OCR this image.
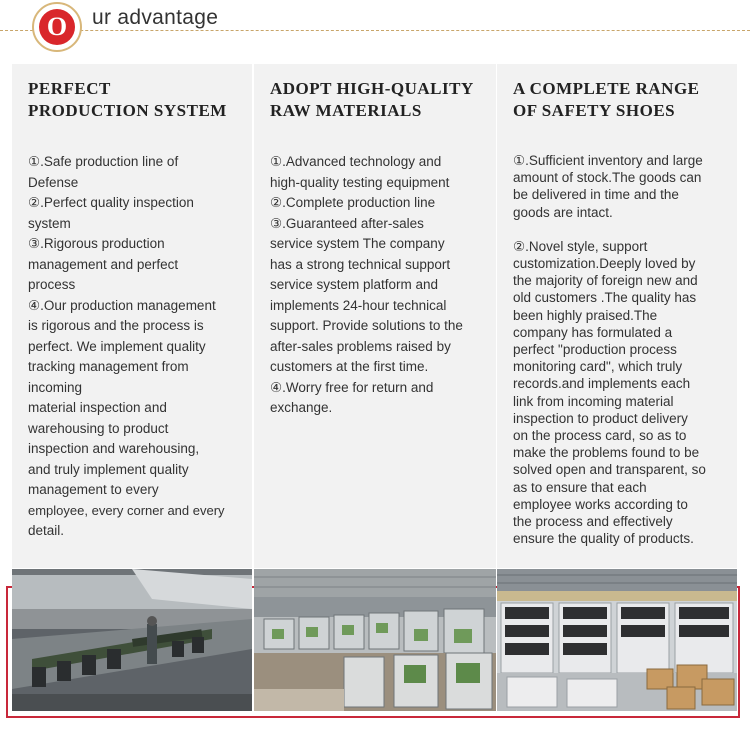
O	ur advantage
PERFECT
PRODUCTION SYSTEM

①.Safe production line of

Defense

②.Perfect quality inspection

system

③.Rigorous production

management and perfect

process

④.Our production management

is rigorous and the process is

perfect. We implement quality

tracking management from

incoming

material inspection and

warehousing to product

inspection and warehousing,

and truly implement quality

management to every

employee, every corner and every

detail.

ADOPT HIGH-QUALITY
RAW MATERIALS

①.Advanced technology and

high-quality testing equipment

②.Complete production line

③.Guaranteed after-sales

service system The company

has a strong technical support

service system platform and

implements 24-hour technical

support. Provide solutions to the

after-sales problems raised by

customers at the first time.

④.Worry free for return and

exchange.

A COMPLETE RANGE
OF SAFETY SHOES

①.Sufficient inventory and large

amount of stock.The goods can

be delivered in time and the

goods are intact.

②.Novel style, support

customization.Deeply loved by

the majority of foreign new and

old customers .The quality has

been highly praised.The

company has formulated a

perfect "production process

monitoring card", which truly

records.and implements each

link from incoming material

inspection to product delivery

on the process card, so as to

make the problems found to be

solved open and transparent, so

as to ensure that each

employee works according to

the process and effectively

ensure the quality of products.
